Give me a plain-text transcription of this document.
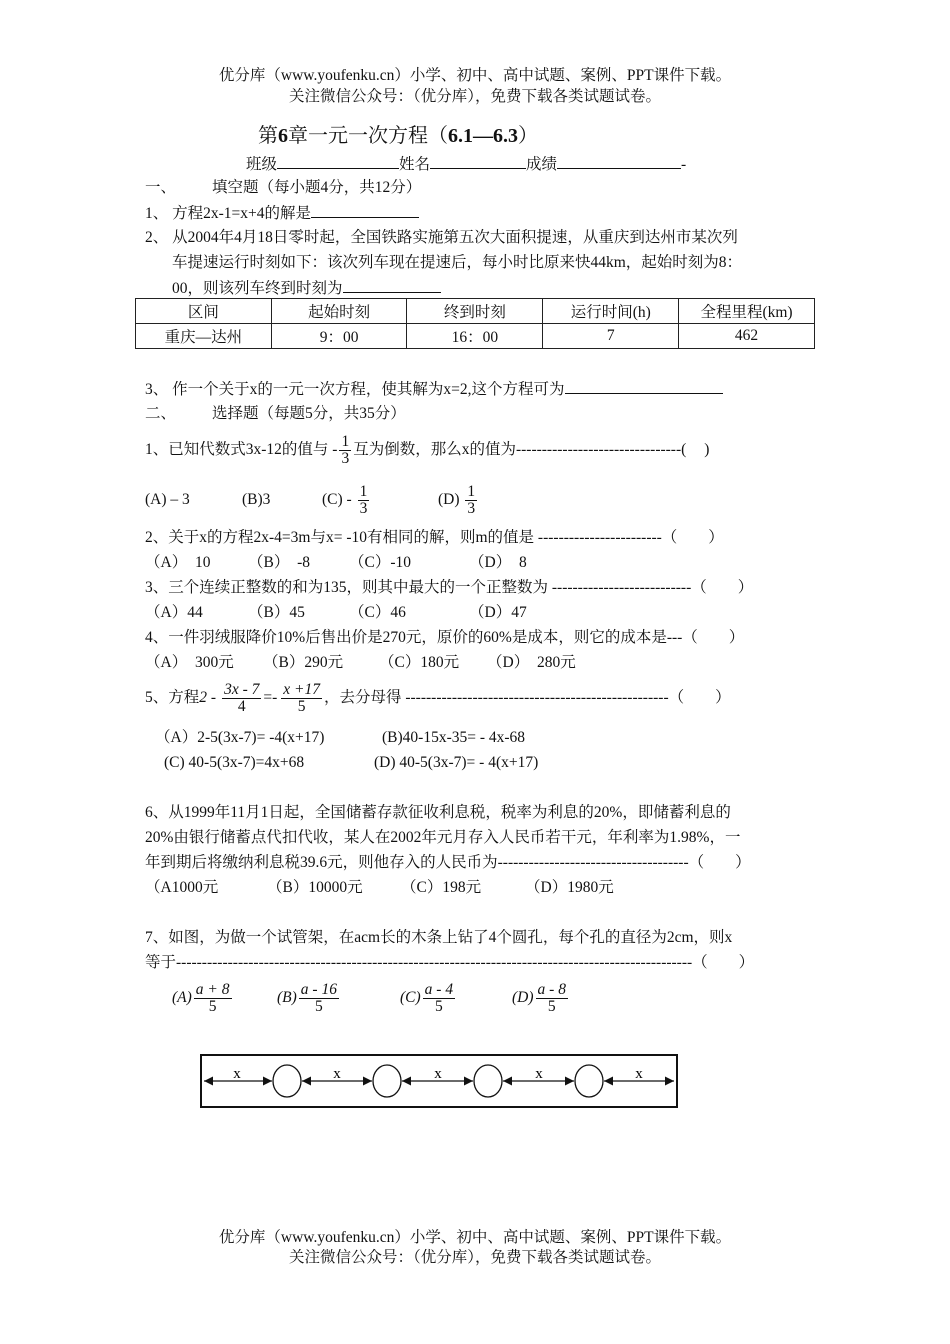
优分库（www.youfenku.cn）小学、初中、高中试题、案例、PPT课件下载。
关注微信公众号：（优分库），免费下载各类试题试卷。
第6章一元一次方程（6.1—6.3）
班级	姓名	成绩	-
一、 填空题（每小题4分，共12分）
1、 方程2x-1=x+4的解是
2、 从2004年4月18日零时起，全国铁路实施第五次大面积提速，从重庆到达州市某次列
车提速运行时刻如下：该次列车现在提速后，每小时比原来快44km，起始时刻为8：
00，则该列车终到时刻为
区间	起始时刻	终到时刻	运行时间(h)	全程里程(km)
重庆—达州	9：00	16：00	7	462
3、 作一个关于x的一元一次方程，使其解为x=2,这个方程可为
二、 选择题（每题5分，共35分）
1、已知代数式3x-12的值与 - $\frac{1}{3}$ 互为倒数，那么x的值为--------------------------------( )
(A) – 3	(B)3	$(C) - \frac{1}{3}$	$(D) \frac{1}{3}$
2、关于x的方程2x-4=3m与x= -10有相同的解，则m的值是 ------------------------（　　）
（A）　10 （B）　-8	（C）-10	（D）　8
3、三个连续正整数的和为135，则其中最大的一个正整数为 ---------------------------（　　）
（A）44	（B）45	（C）46	（D）47
4、一件羽绒服降价10%后售出价是270元，原价的60%是成本，则它的成本是---（　　）
（A）　300元 （B）290元 （C）180元 （D）　280元
5、方程$2 - \frac{3x - 7}{4} =- \frac{x +17}{5}$ ，去分母得 ---------------------------------------------------（　　）
（A）2-5(3x-7)= -4(x+17)	(B)40-15x-35= - 4x-68
(C) 40-5(3x-7)=4x+68	(D) 40-5(3x-7)= - 4(x+17)
6、从1999年11月1日起，全国储蓄存款征收利息税，税率为利息的20%，即储蓄利息的
20%由银行储蓄点代扣代收，某人在2002年元月存入人民币若干元，年利率为1.98%，一
年到期后将缴纳利息税39.6元，则他存入的人民币为-------------------------------------（　　）
（A1000元	（B）10000元 （C）198元	（D）1980元
7、如图，为做一个试管架，在acm长的木条上钻了4个圆孔，每个孔的直径为2cm，则x
等于----------------------------------------------------------------------------------------------------（　　）
$(A) \frac{a + 8}{5}$	$(B) \frac{a - 16}{5}$	$(C) \frac{a - 4}{5}$	$(D) \frac{a - 8}{5}$
x	x	x	x	x
优分库（www.youfenku.cn）小学、初中、高中试题、案例、PPT课件下载。
关注微信公众号：（优分库），免费下载各类试题试卷。
